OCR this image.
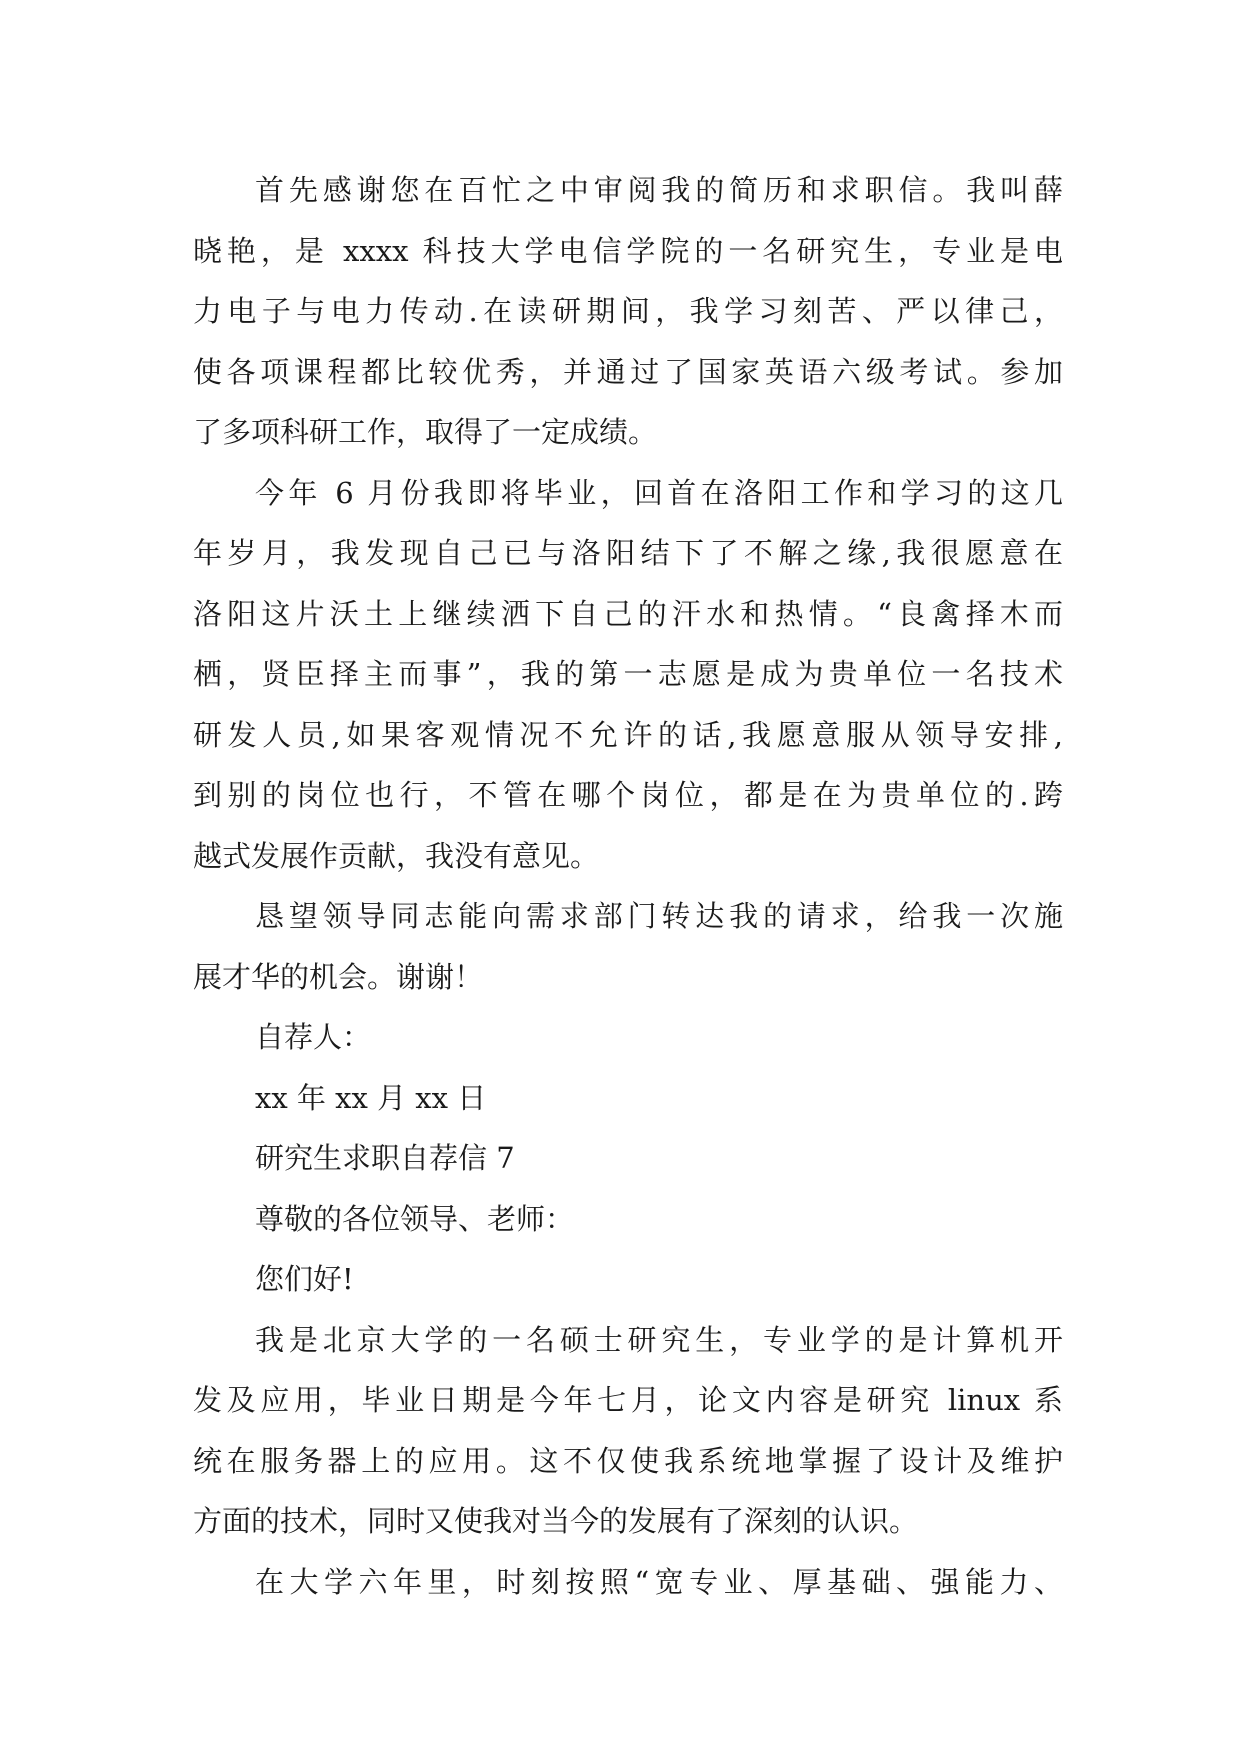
首先感谢您在百忙之中审阅我的简历和求职信。我叫薛
晓艳，是 xxxx 科技大学电信学院的一名研究生，专业是电
力电子与电力传动.在读研期间，我学习刻苦、严以律己，
使各项课程都比较优秀，并通过了国家英语六级考试。参加
了多项科研工作，取得了一定成绩。
今年 6 月份我即将毕业，回首在洛阳工作和学习的这几
年岁月，我发现自己已与洛阳结下了不解之缘,我很愿意在
洛阳这片沃土上继续洒下自己的汗水和热情。“良禽择木而
栖，贤臣择主而事”，我的第一志愿是成为贵单位一名技术
研发人员,如果客观情况不允许的话,我愿意服从领导安排,
到别的岗位也行，不管在哪个岗位，都是在为贵单位的.跨
越式发展作贡献，我没有意见。
恳望领导同志能向需求部门转达我的请求，给我一次施
展才华的机会。谢谢！
自荐人：
xx 年 xx 月 xx 日
研究生求职自荐信 7
尊敬的各位领导、老师：
您们好!
我是北京大学的一名硕士研究生，专业学的是计算机开
发及应用，毕业日期是今年七月，论文内容是研究 linux 系
统在服务器上的应用。这不仅使我系统地掌握了设计及维护
方面的技术，同时又使我对当今的发展有了深刻的认识。
在大学六年里，时刻按照“宽专业、厚基础、强能力、
